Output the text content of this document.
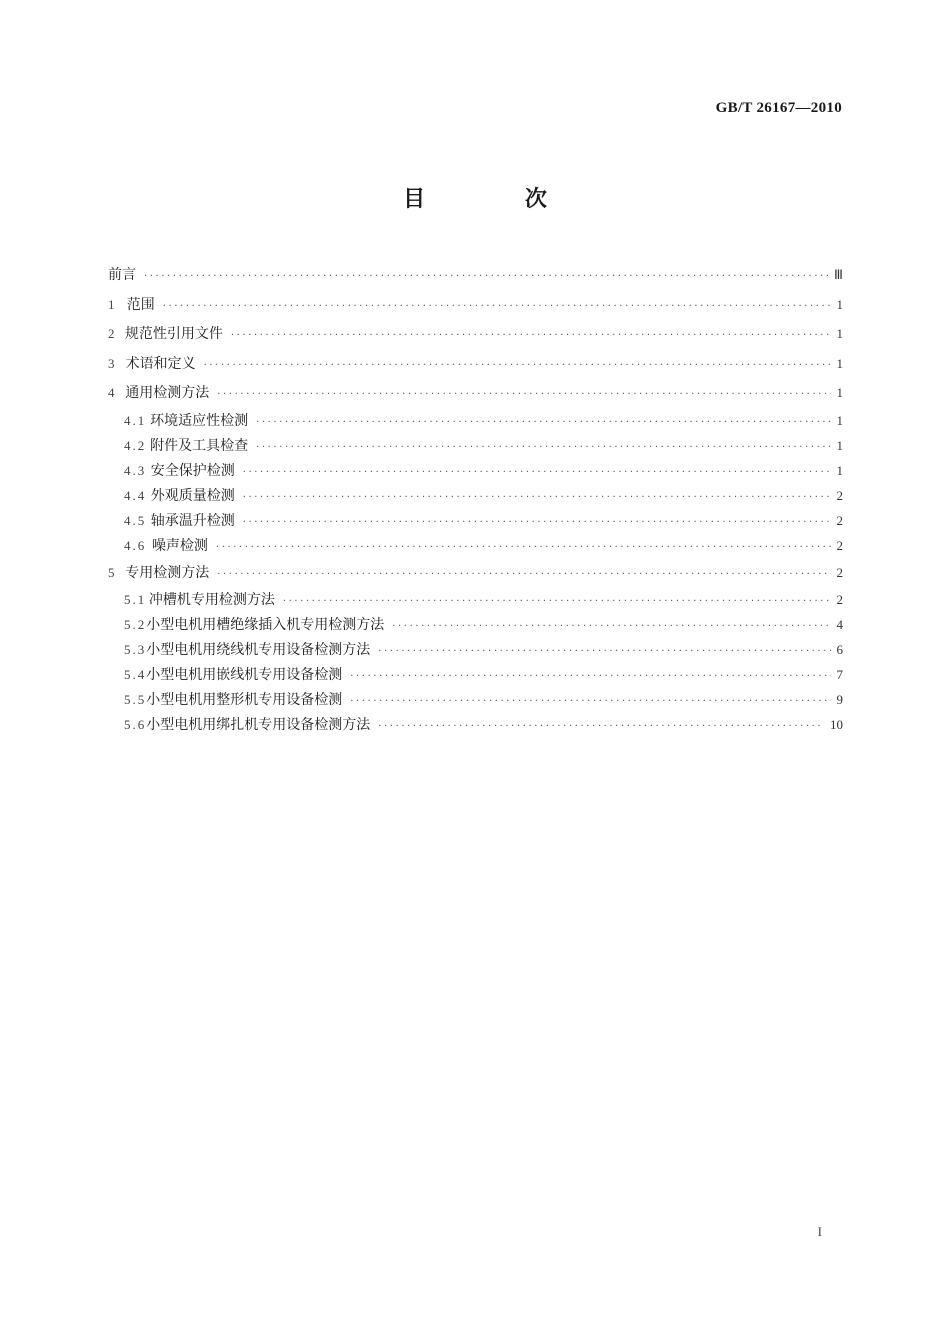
GB/T 26167—2010
目 次
前言 ·····	Ⅲ
1 范围 ·····	1
2 规范性引用文件 ·····	1
3 术语和定义 ·····	1
4 通用检测方法 ·····	1
4.1 环境适应性检测 ·····	1
4.2 附件及工具检查 ·····	1
4.3 安全保护检测 ·····	1
4.4 外观质量检测 ·····	2
4.5 轴承温升检测 ·····	2
4.6 噪声检测 ·····	2
5 专用检测方法 ·····	2
5.1 冲槽机专用检测方法 ·····	2
5.2 小型电机用槽绝缘插入机专用检测方法 ·····	4
5.3 小型电机用绕线机专用设备检测方法 ·····	6
5.4 小型电机用嵌线机专用设备检测 ·····	7
5.5 小型电机用整形机专用设备检测 ·····	9
5.6 小型电机用绑扎机专用设备检测方法 ·····	10
I
